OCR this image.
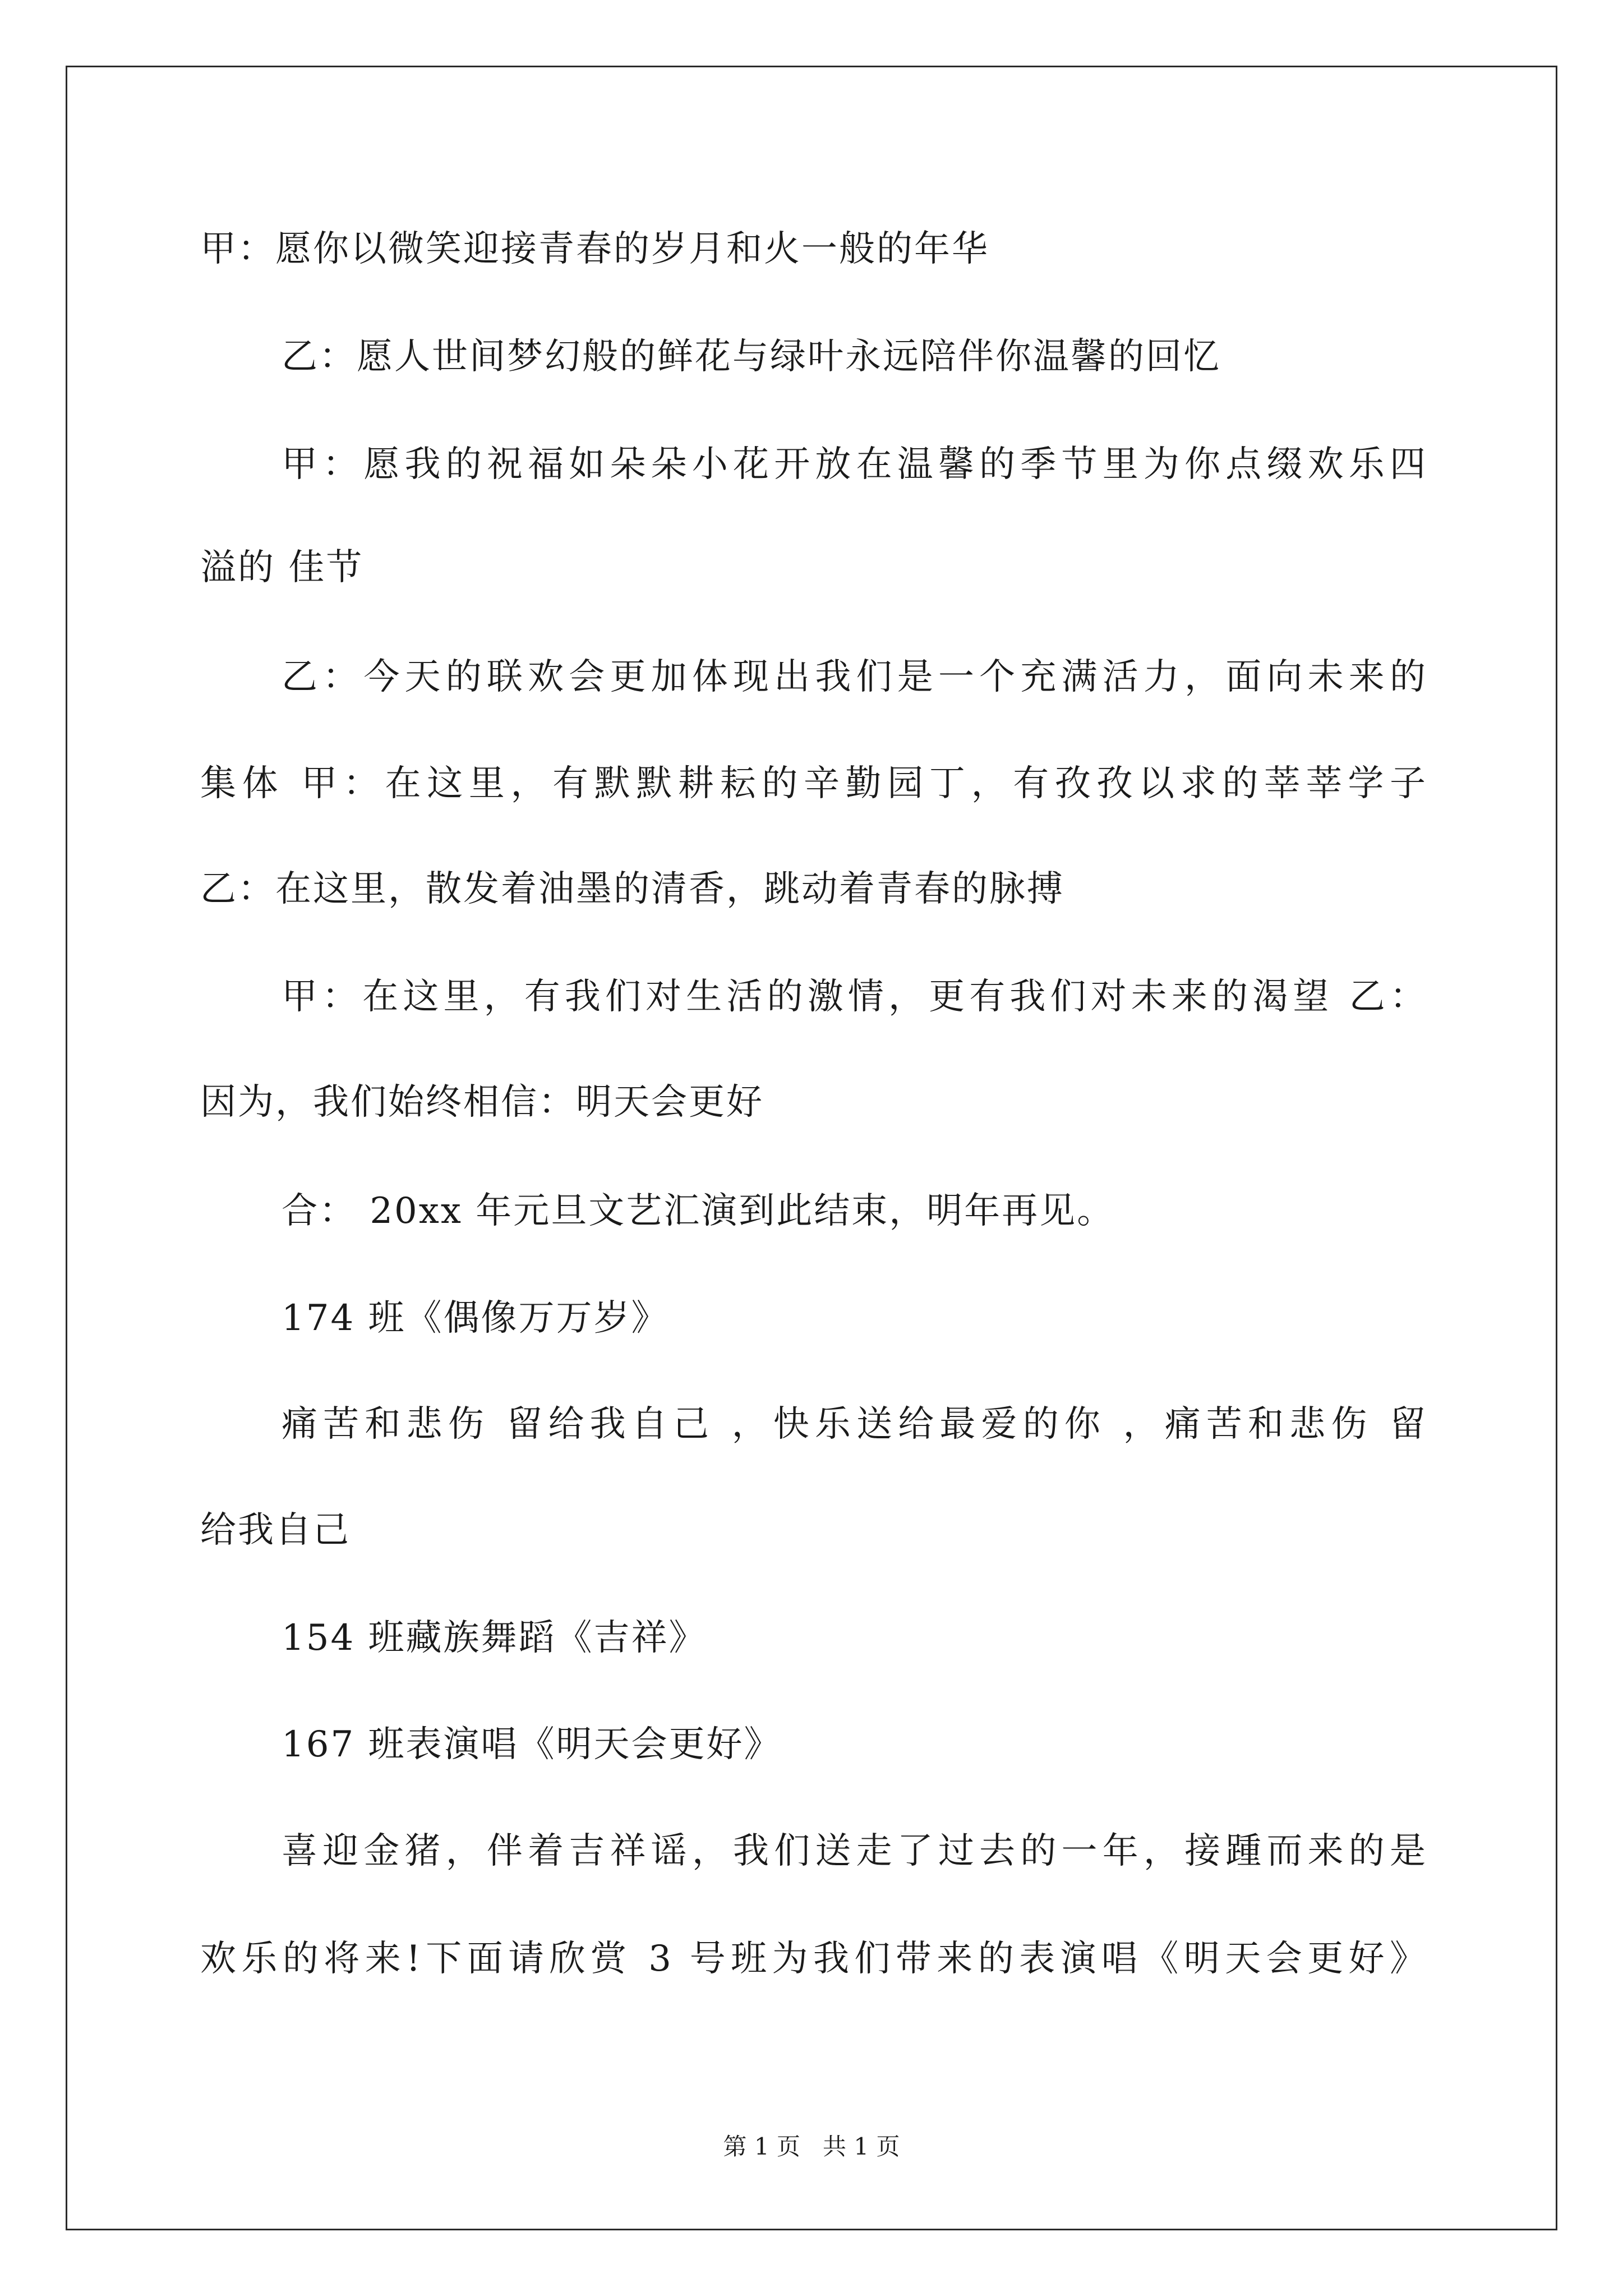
甲：愿你以微笑迎接青春的岁月和火一般的年华
乙：愿人世间梦幻般的鲜花与绿叶永远陪伴你温馨的回忆
甲：愿我的祝福如朵朵小花开放在温馨的季节里为你点缀欢乐四
溢的 佳节
乙：今天的联欢会更加体现出我们是一个充满活力，面向未来的
集体 甲：在这里，有默默耕耘的辛勤园丁，有孜孜以求的莘莘学子
乙：在这里，散发着油墨的清香，跳动着青春的脉搏
甲：在这里，有我们对生活的激情，更有我们对未来的渴望 乙：
因为，我们始终相信：明天会更好
合： 20xx 年元旦文艺汇演到此结束，明年再见。
174 班《偶像万万岁》
痛苦和悲伤 留给我自己 ，快乐送给最爱的你 ，痛苦和悲伤 留
给我自己
154 班藏族舞蹈《吉祥》
167 班表演唱《明天会更好》
喜迎金猪，伴着吉祥谣，我们送走了过去的一年，接踵而来的是
欢乐的将来!下面请欣赏 3 号班为我们带来的表演唱《明天会更好》
第 1 页   共 1 页
